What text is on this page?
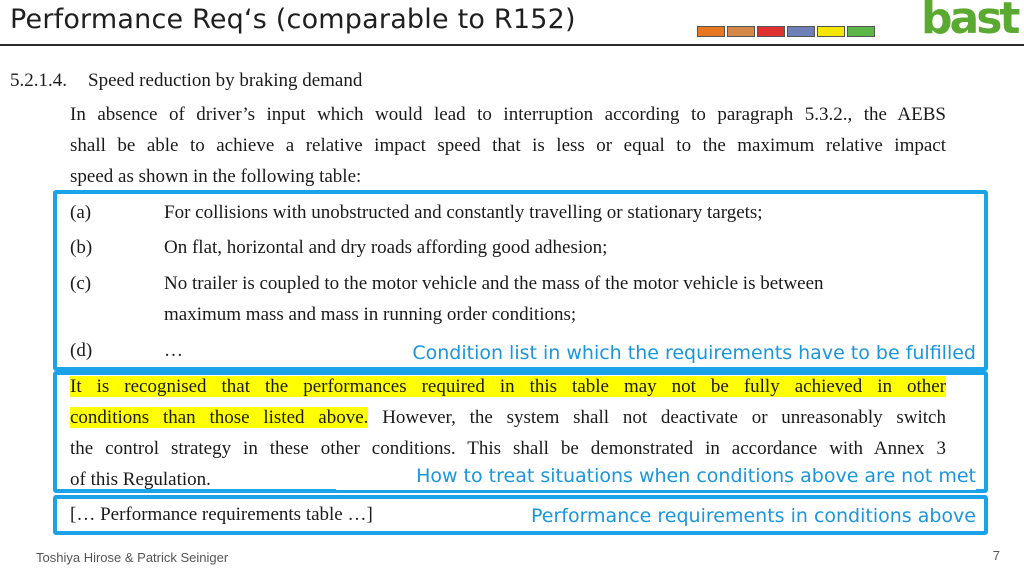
Performance Req‘s (comparable to R152)	bast
5.2.1.4. Speed reduction by braking demand
In absence of driver’s input which would lead to interruption according to paragraph 5.3.2., the AEBS
shall be able to achieve a relative impact speed that is less or equal to the maximum relative impact
speed as shown in the following table:
(a)	For collisions with unobstructed and constantly travelling or stationary targets;
(b)	On flat, horizontal and dry roads affording good adhesion;
(c)	No trailer is coupled to the motor vehicle and the mass of the motor vehicle is between
maximum mass and mass in running order conditions;
(d)	…	Condition list in which the requirements have to be fulfilled
It is recognised that the performances required in this table may not be fully achieved in other
conditions than those listed above. However, the system shall not deactivate or unreasonably switch
the control strategy in these other conditions. This shall be demonstrated in accordance with Annex 3
of this Regulation.	How to treat situations when conditions above are not met
[… Performance requirements table …]	Performance requirements in conditions above
Toshiya Hirose & Patrick Seiniger	7
